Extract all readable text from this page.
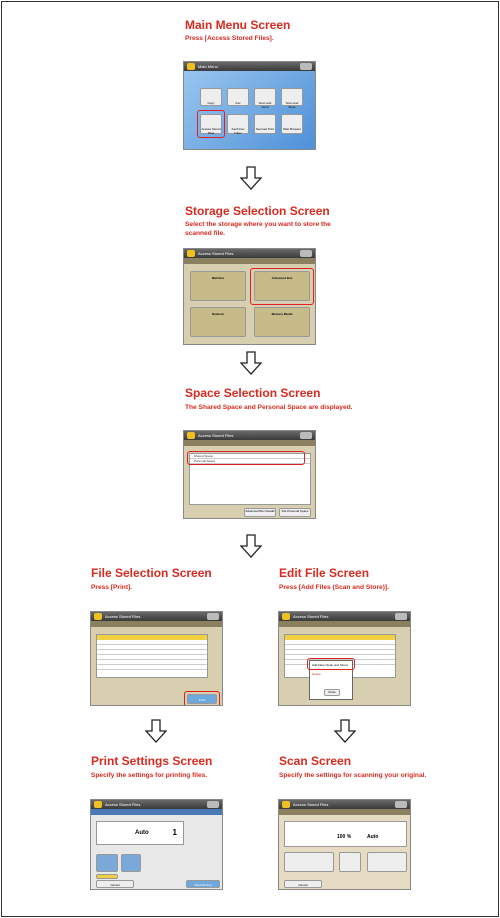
Main Menu Screen
Press [Access Stored Files].
Main Menu
Copy	Fax	Scan and Send
Scan and Store
Access Stored Files
Fax/I-Fax Inbox
Secured Print	Web Browser
Storage Selection Screen
Select the storage where you want to store the scanned file.
Access Stored Files
Mail Box	Advanced Box
Network	Memory Media
Space Selection Screen
The Shared Space and Personal Space are displayed.
Access Stored Files
Shared Space
Personal Space
Advanced Box Details	File Personal Space
File Selection Screen
Press [Print].
Access Stored Files
Print
Edit File Screen
Press [Add Files (Scan and Store)].
Access Stored Files
Add Files (Scan and Store)
Delete
Close
Print Settings Screen
Specify the settings for printing files.
Access Stored Files
Auto	1
Cancel	Start Printing
Scan Screen
Specify the settings for scanning your original.
Access Stored Files
100 %	Auto
Cancel
